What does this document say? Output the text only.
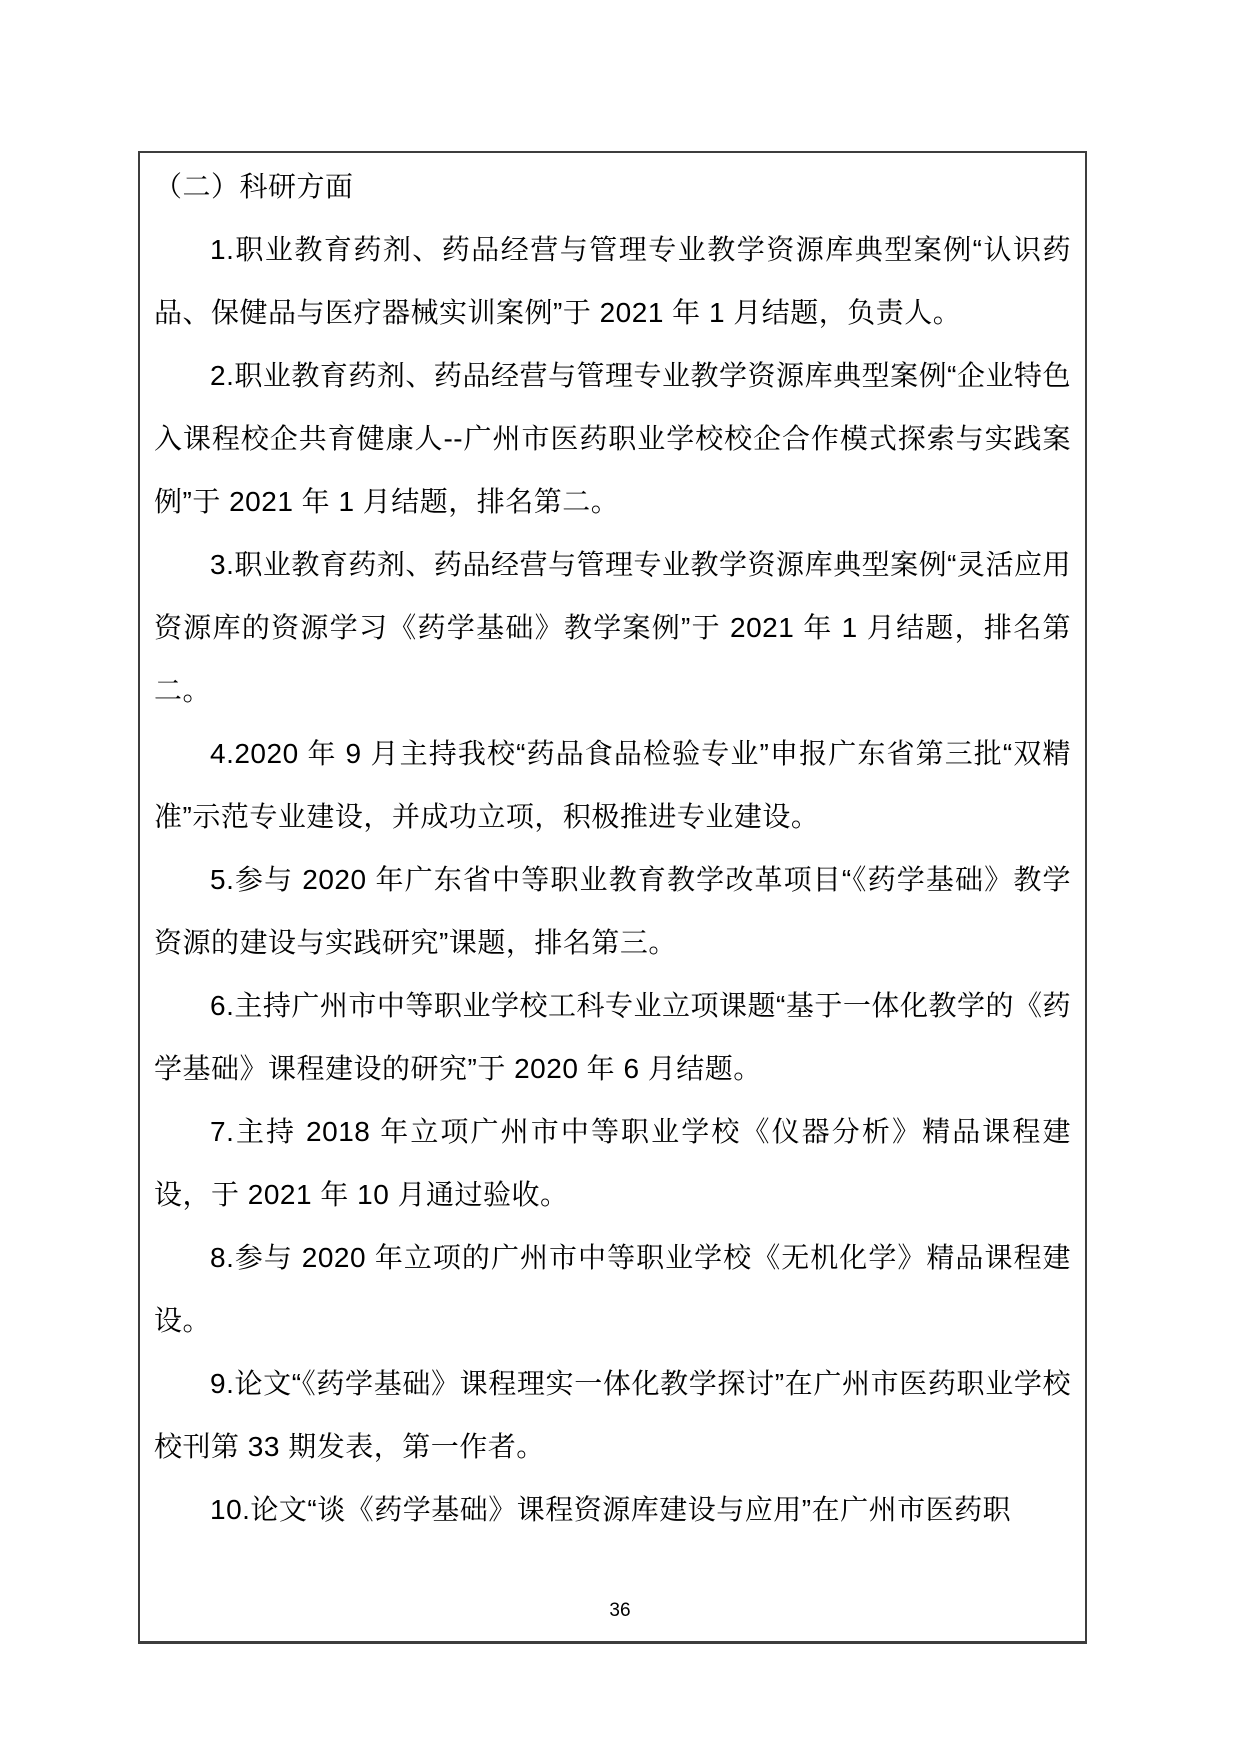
（二）科研方面

1.职业教育药剂、药品经营与管理专业教学资源库典型案例“认识药品、保健品与医疗器械实训案例”于 2021 年 1 月结题，负责人。

2.职业教育药剂、药品经营与管理专业教学资源库典型案例“企业特色入课程校企共育健康人--广州市医药职业学校校企合作模式探索与实践案例”于 2021 年 1 月结题，排名第二。

3.职业教育药剂、药品经营与管理专业教学资源库典型案例“灵活应用资源库的资源学习《药学基础》教学案例”于 2021 年 1 月结题，排名第二。

4.2020 年 9 月主持我校“药品食品检验专业”申报广东省第三批“双精准”示范专业建设，并成功立项，积极推进专业建设。

5.参与 2020 年广东省中等职业教育教学改革项目“《药学基础》教学资源的建设与实践研究”课题，排名第三。

6.主持广州市中等职业学校工科专业立项课题“基于一体化教学的《药学基础》课程建设的研究”于 2020 年 6 月结题。

7.主持 2018 年立项广州市中等职业学校《仪器分析》精品课程建设，于 2021 年 10 月通过验收。

8.参与 2020 年立项的广州市中等职业学校《无机化学》精品课程建设。

9.论文“《药学基础》课程理实一体化教学探讨”在广州市医药职业学校校刊第 33 期发表，第一作者。

10.论文“谈《药学基础》课程资源库建设与应用”在广州市医药职

36
